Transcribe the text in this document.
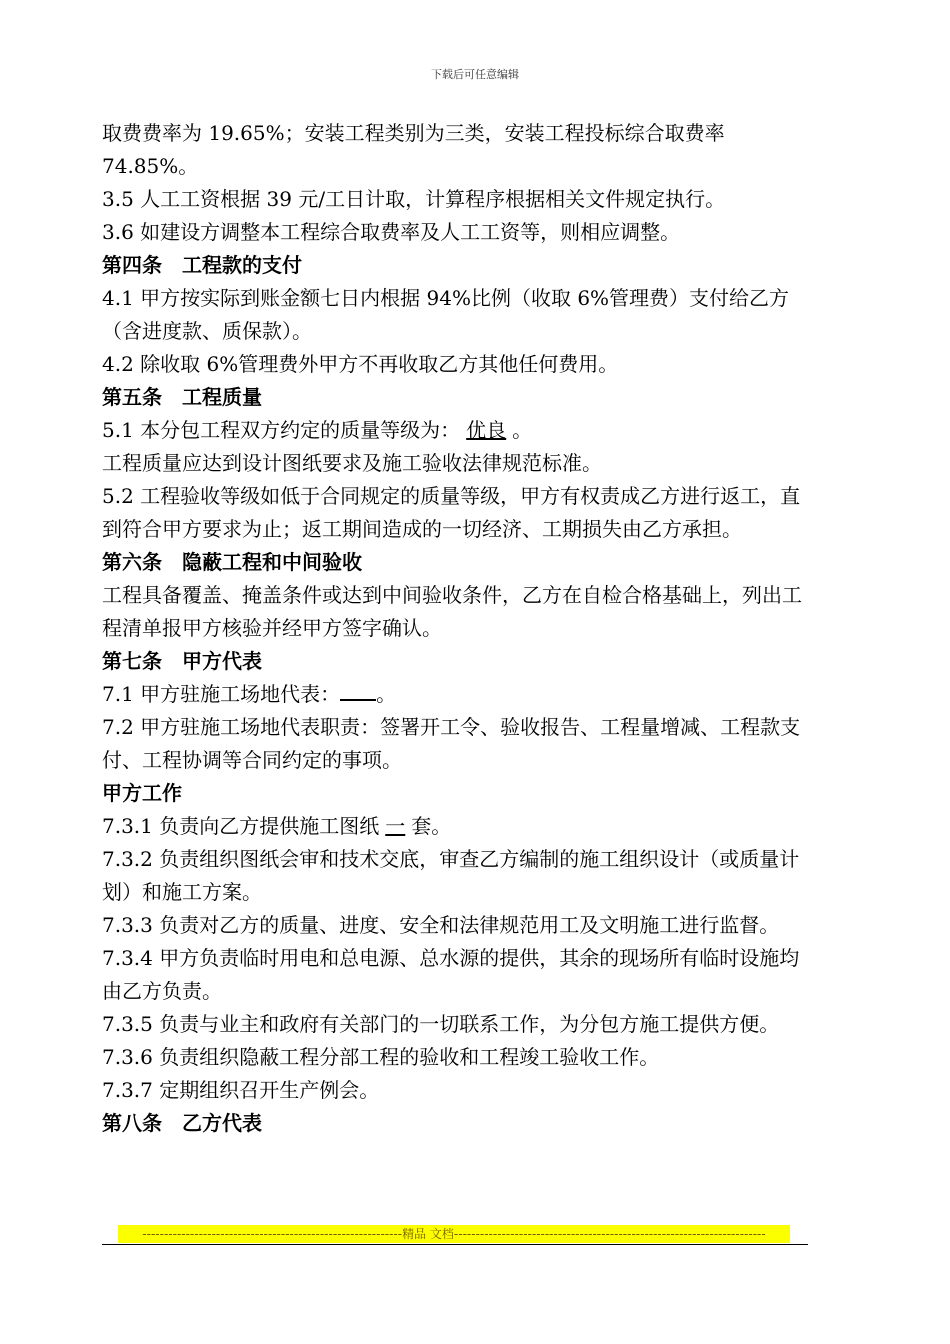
下载后可任意编辑

取费费率为 19.65%；安装工程类别为三类，安装工程投标综合取费率 74.85%。

3.5 人工工资根据 39 元/工日计取，计算程序根据相关文件规定执行。

3.6 如建设方调整本工程综合取费率及人工工资等，则相应调整。

第四条　工程款的支付

4.1 甲方按实际到账金额七日内根据 94%比例（收取 6%管理费）支付给乙方（含进度款、质保款）。

4.2 除收取 6%管理费外甲方不再收取乙方其他任何费用。

第五条　工程质量

5.1 本分包工程双方约定的质量等级为： 优良 。

工程质量应达到设计图纸要求及施工验收法律规范标准。

5.2 工程验收等级如低于合同规定的质量等级，甲方有权责成乙方进行返工，直到符合甲方要求为止；返工期间造成的一切经济、工期损失由乙方承担。

第六条　隐蔽工程和中间验收

工程具备覆盖、掩盖条件或达到中间验收条件，乙方在自检合格基础上，列出工程清单报甲方核验并经甲方签字确认。

第七条　甲方代表

7.1 甲方驻施工场地代表： 。

7.2 甲方驻施工场地代表职责：签署开工令、验收报告、工程量增减、工程款支付、工程协调等合同约定的事项。

甲方工作

7.3.1 负责向乙方提供施工图纸 一 套。

7.3.2 负责组织图纸会审和技术交底，审查乙方编制的施工组织设计（或质量计划）和施工方案。

7.3.3 负责对乙方的质量、进度、安全和法律规范用工及文明施工进行监督。

7.3.4 甲方负责临时用电和总电源、总水源的提供，其余的现场所有临时设施均由乙方负责。

7.3.5 负责与业主和政府有关部门的一切联系工作，为分包方施工提供方便。

7.3.6 负责组织隐蔽工程分部工程的验收和工程竣工验收工作。

7.3.7 定期组织召开生产例会。

第八条　乙方代表

------------------------------------------------------------精品 文档------------------------------------------------------------------------
